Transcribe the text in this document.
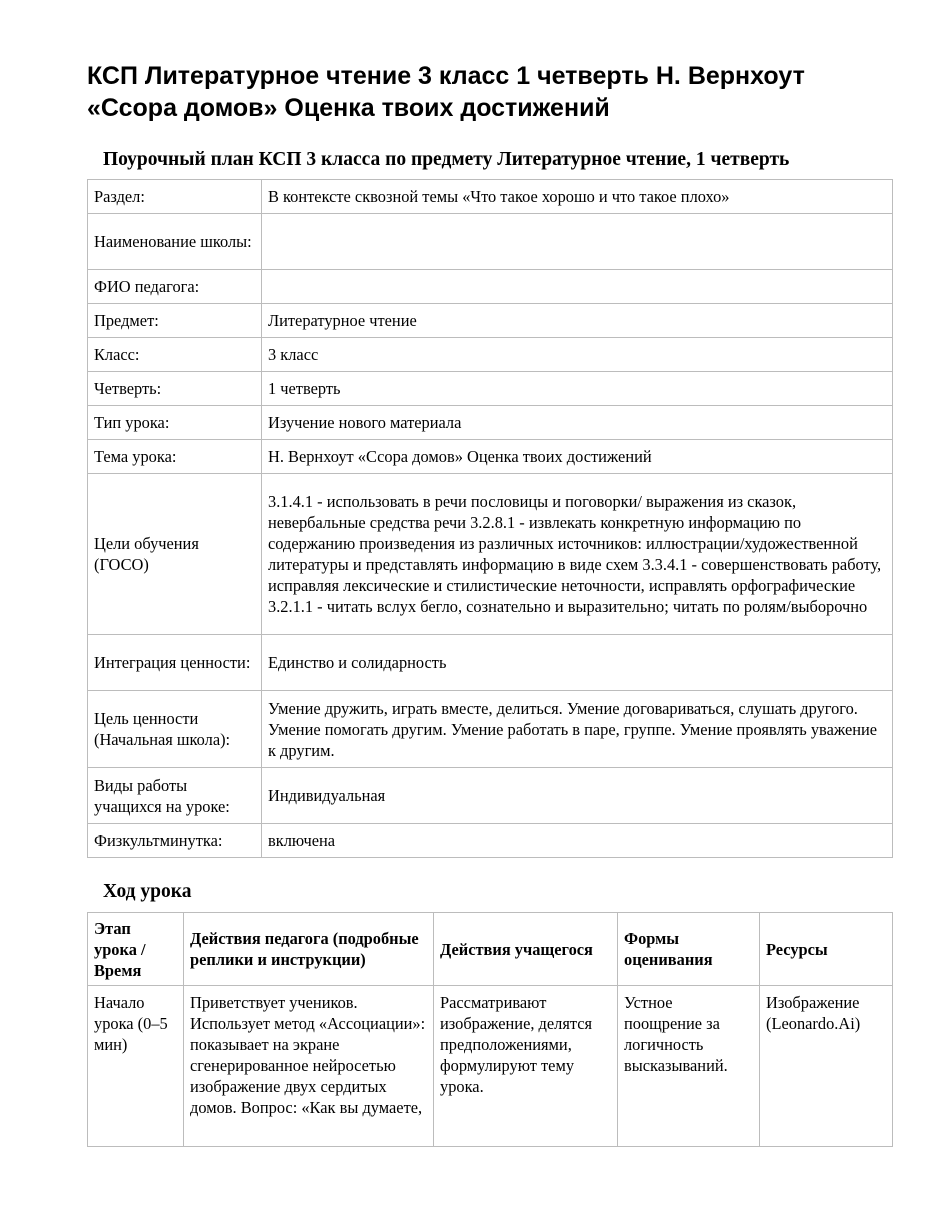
КСП Литературное чтение 3 класс 1 четверть Н. Вернхоут «Ссора домов» Оценка твоих достижений
Поурочный план КСП 3 класса по предмету Литературное чтение, 1 четверть
Раздел:	В контексте сквозной темы «Что такое хорошо и что такое плохо»
Наименование школы:	
ФИО педагога:	
Предмет:	Литературное чтение
Класс:	3 класс
Четверть:	1 четверть
Тип урока:	Изучение нового материала
Тема урока:	Н. Вернхоут «Ссора домов» Оценка твоих достижений
Цели обучения (ГОСО)	3.1.4.1 - использовать в речи пословицы и поговорки/ выражения из сказок, невербальные средства речи 3.2.8.1 - извлекать конкретную информацию по содержанию произведения из различных источников: иллюстрации/художественной литературы и представлять информацию в виде схем 3.3.4.1 - совершенствовать работу, исправляя лексические и стилистические неточности, исправлять орфографические 3.2.1.1 - читать вслух бегло, сознательно и выразительно; читать по ролям/выборочно
Интеграция ценности:	Единство и солидарность
Цель ценности (Начальная школа):	Умение дружить, играть вместе, делиться. Умение договариваться, слушать другого. Умение помогать другим. Умение работать в паре, группе. Умение проявлять уважение к другим.
Виды работы учащихся на уроке:	Индивидуальная
Физкультминутка:	включена
Ход урока
Этап урока / Время	Действия педагога (подробные реплики и инструкции)	Действия учащегося	Формы оценивания	Ресурсы
Начало урока (0–5 мин)	Приветствует учеников. Использует метод «Ассоциации»: показывает на экране сгенерированное нейросетью изображение двух сердитых домов. Вопрос: «Как вы думаете,	Рассматривают изображение, делятся предположениями, формулируют тему урока.	Устное поощрение за логичность высказываний.	Изображение (Leonardo.Ai)
